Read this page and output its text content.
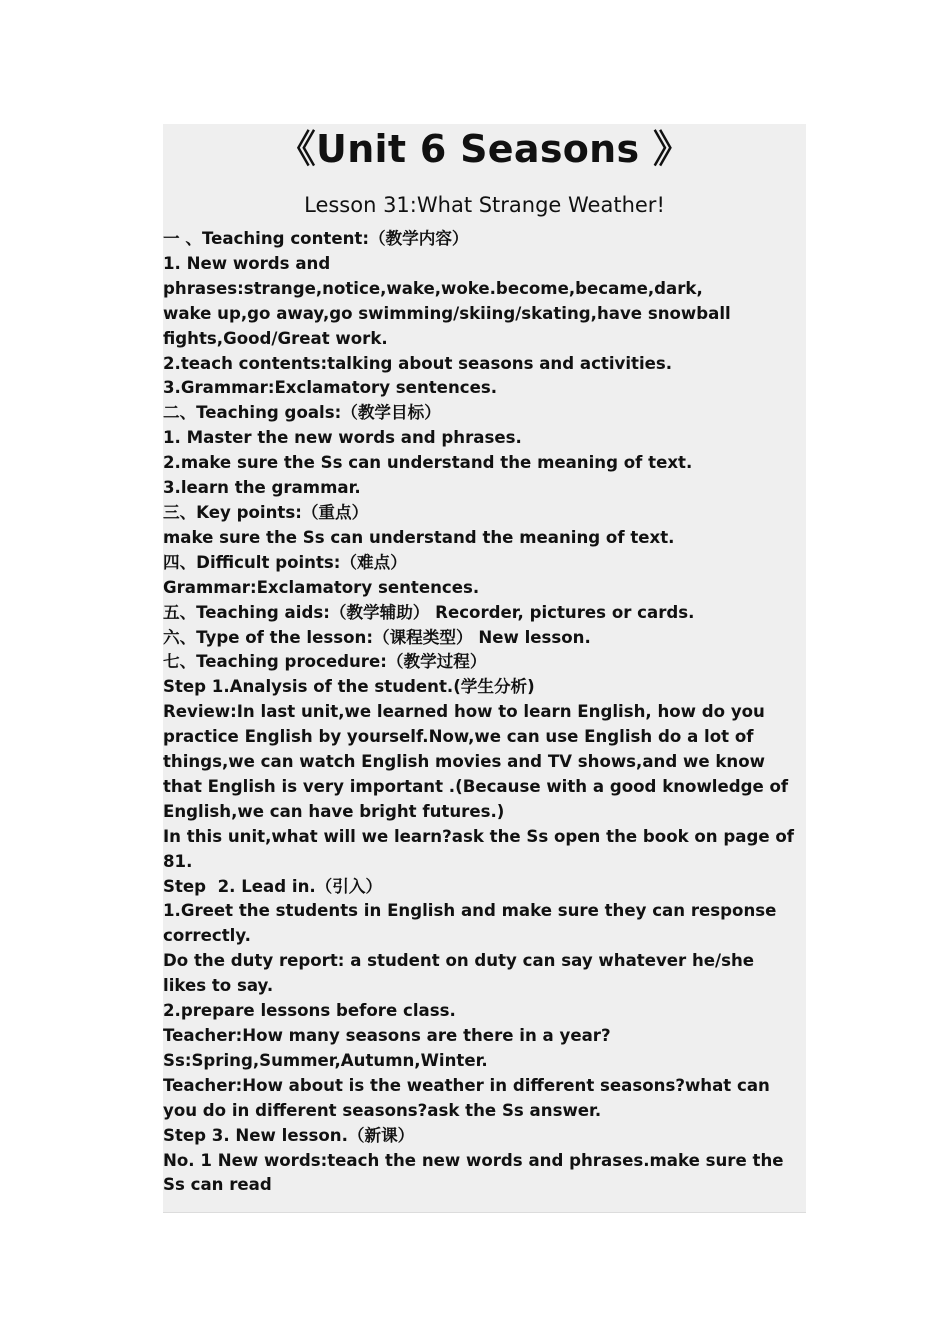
《Unit 6 Seasons 》
Lesson 31:What Strange Weather!

一 、Teaching content:（教学内容）

1. New words and

phrases:strange,notice,wake,woke.become,became,dark,

wake up,go away,go swimming/skiing/skating,have snowball

fights,Good/Great work.

2.teach contents:talking about seasons and activities.

3.Grammar:Exclamatory sentences.

二、Teaching goals:（教学目标）

1. Master the new words and phrases.

2.make sure the Ss can understand the meaning of text.

3.learn the grammar.

三、Key points:（重点）

make sure the Ss can understand the meaning of text.

四、Difficult points:（难点）

Grammar:Exclamatory sentences.

五、Teaching aids:（教学辅助） Recorder, pictures or cards.

六、Type of the lesson:（课程类型） New lesson.

七、Teaching procedure:（教学过程）

Step 1.Analysis of the student.(学生分析)

Review:In last unit,we learned how to learn English, how do you

practice English by yourself.Now,we can use English do a lot of

things,we can watch English movies and TV shows,and we know

that English is very important .(Because with a good knowledge of

English,we can have bright futures.)

In this unit,what will we learn?ask the Ss open the book on page of

81.

Step  2. Lead in.（引入）

1.Greet the students in English and make sure they can response

correctly.

Do the duty report: a student on duty can say whatever he/she

likes to say.

2.prepare lessons before class.

Teacher:How many seasons are there in a year?

Ss:Spring,Summer,Autumn,Winter.

Teacher:How about is the weather in different seasons?what can

you do in different seasons?ask the Ss answer.

Step 3. New lesson.（新课）

No. 1 New words:teach the new words and phrases.make sure the

Ss can read
